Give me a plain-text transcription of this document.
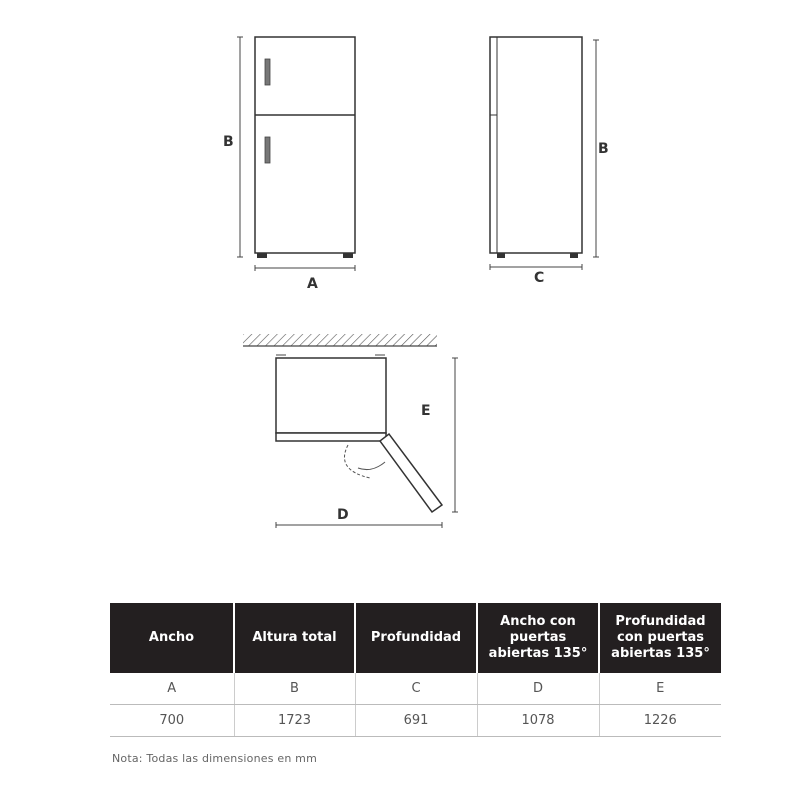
B
A
B
C
E
D
Ancho	Altura total	Profundidad	Ancho con
puertas
abiertas 135°	Profundidad
con puertas
abiertas 135°
A	B	C	D	E
700	1723	691	1078	1226
Nota: Todas las dimensiones en mm
